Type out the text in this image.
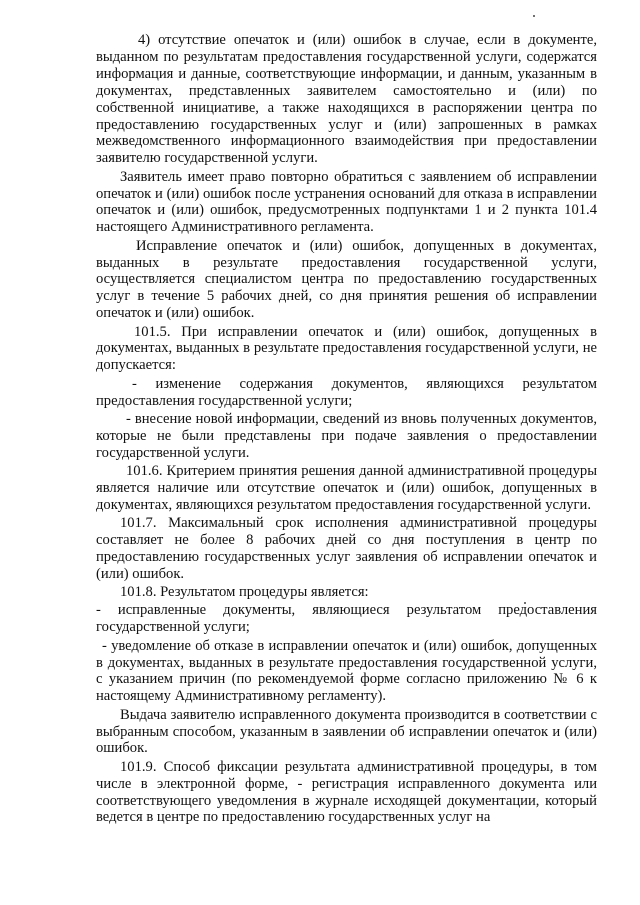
4) отсутствие опечаток и (или) ошибок в случае, если в документе, выданном по результатам предоставления государственной услуги, содержатся информация и данные, соответствующие информации, и данным, указанным в документах, представленных заявителем самостоятельно и (или) по собственной инициативе, а также находящихся в распоряжении центра по предоставлению государственных услуг и (или) запрошенных в рамках межведомственного информационного взаимодействия при предоставлении заявителю государственной услуги.

Заявитель имеет право повторно обратиться с заявлением об исправлении опечаток и (или) ошибок после устранения оснований для отказа в исправлении опечаток и (или) ошибок, предусмотренных подпунктами 1 и 2 пункта 101.4 настоящего Административного регламента.

Исправление опечаток и (или) ошибок, допущенных в документах, выданных в результате предоставления государственной услуги, осуществляется специалистом центра по предоставлению государственных услуг в течение 5 рабочих дней, со дня принятия решения об исправлении опечаток и (или) ошибок.

101.5. При исправлении опечаток и (или) ошибок, допущенных в документах, выданных в результате предоставления государственной услуги, не допускается:

- изменение содержания документов, являющихся результатом предоставления государственной услуги;

- внесение новой информации, сведений из вновь полученных документов, которые не были представлены при подаче заявления о предоставлении государственной услуги.

101.6. Критерием принятия решения данной административной процедуры является наличие или отсутствие опечаток и (или) ошибок, допущенных в документах, являющихся результатом предоставления государственной услуги.

101.7. Максимальный срок исполнения административной процедуры составляет не более 8 рабочих дней со дня поступления в центр по предоставлению государственных услуг заявления об исправлении опечаток и (или) ошибок.

101.8. Результатом процедуры является:

- исправленные документы, являющиеся результатом предоставления государственной услуги;

- уведомление об отказе в исправлении опечаток и (или) ошибок, допущенных в документах, выданных в результате предоставления государственной услуги, с указанием причин (по рекомендуемой форме согласно приложению № 6 к настоящему Административному регламенту).

Выдача заявителю исправленного документа производится в соответствии с выбранным способом, указанным в заявлении об исправлении опечаток и (или) ошибок.

101.9. Способ фиксации результата административной процедуры, в том числе в электронной форме, - регистрация исправленного документа или соответствующего уведомления в журнале исходящей документации, который ведется в центре по предоставлению государственных услуг на
